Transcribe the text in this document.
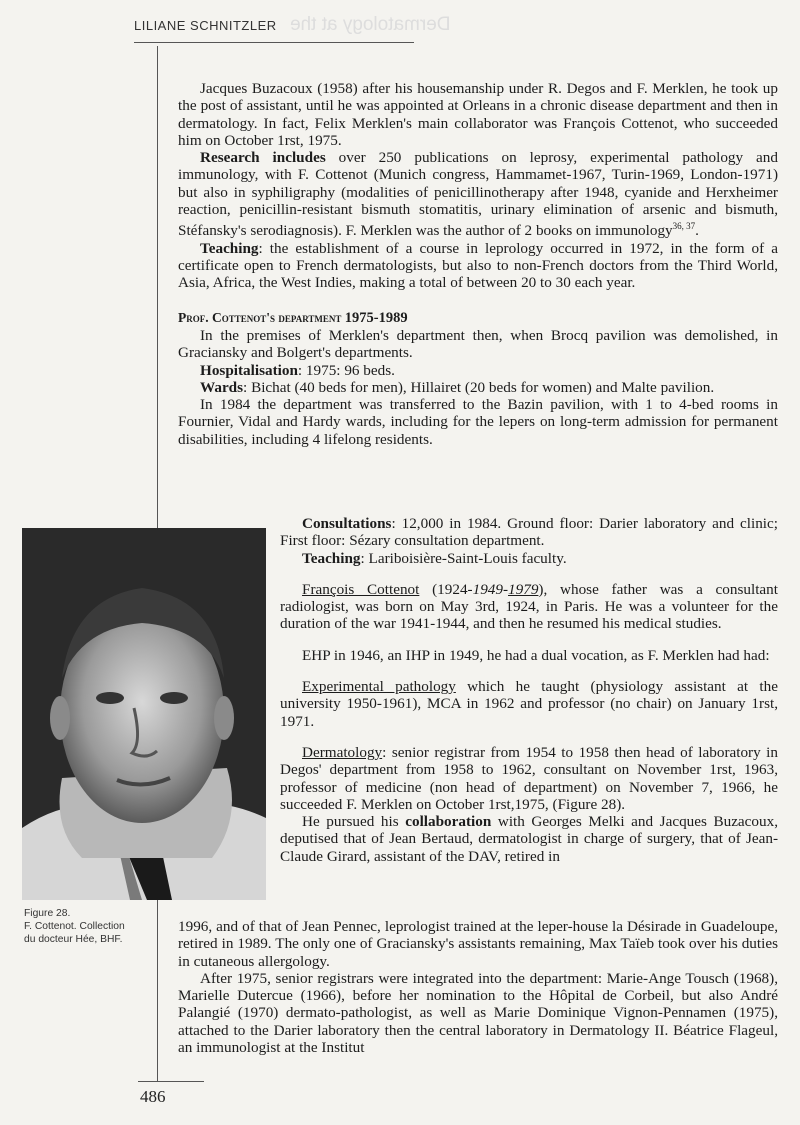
Dermatology at the
LILIANE SCHNITZLER

Jacques Buzacoux (1958) after his housemanship under R. Degos and F. Merklen, he took up the post of assistant, until he was appointed at Orleans in a chronic disease department and then in dermatology. In fact, Felix Merklen's main collaborator was François Cottenot, who succeeded him on October 1rst, 1975.

Research includes over 250 publications on leprosy, experimental pathology and immunology, with F. Cottenot (Munich congress, Hammamet-1967, Turin-1969, London-1971) but also in syphiligraphy (modalities of penicillinotherapy after 1948, cyanide and Herxheimer reaction, penicillin-resistant bismuth stomatitis, urinary elimination of arsenic and bismuth, Stéfansky's serodiagnosis). F. Merklen was the author of 2 books on immunology$^{36, 37}$.

Teaching: the establishment of a course in leprology occurred in 1972, in the form of a certificate open to French dermatologists, but also to non-French doctors from the Third World, Asia, Africa, the West Indies, making a total of between 20 to 30 each year.

Prof. Cottenot's department 1975-1989

In the premises of Merklen's department then, when Brocq pavilion was demolished, in Graciansky and Bolgert's departments.

Hospitalisation: 1975: 96 beds.

Wards: Bichat (40 beds for men), Hillairet (20 beds for women) and Malte pavilion.

In 1984 the department was transferred to the Bazin pavilion, with 1 to 4-bed rooms in Fournier, Vidal and Hardy wards, including for the lepers on long-term admission for permanent disabilities, including 4 lifelong residents.

Figure 28.
F. Cottenot. Collection du docteur Hée, BHF.

Consultations: 12,000 in 1984. Ground floor: Darier laboratory and clinic; First floor: Sézary consultation department.

Teaching: Lariboisière-Saint-Louis faculty.

François Cottenot (1924-1949-1979), whose father was a consultant radiologist, was born on May 3rd, 1924, in Paris. He was a volunteer for the duration of the war 1941-1944, and then he resumed his medical studies.

EHP in 1946, an IHP in 1949, he had a dual vocation, as F. Merklen had had:

Experimental pathology which he taught (physiology assistant at the university 1950-1961), MCA in 1962 and professor (no chair) on January 1rst, 1971.

Dermatology: senior registrar from 1954 to 1958 then head of laboratory in Degos' department from 1958 to 1962, consultant on November 1rst, 1963, professor of medicine (non head of department) on November 7, 1966, he succeeded F. Merklen on October 1rst,1975, (Figure 28).

He pursued his collaboration with Georges Melki and Jacques Buzacoux, deputised that of Jean Bertaud, dermatologist in charge of surgery, that of Jean-Claude Girard, assistant of the DAV, retired in

1996, and of that of Jean Pennec, leprologist trained at the leper-house la Désirade in Guadeloupe, retired in 1989. The only one of Graciansky's assistants remaining, Max Taïeb took over his duties in cutaneous allergology.

After 1975, senior registrars were integrated into the department: Marie-Ange Tousch (1968), Marielle Dutercue (1966), before her nomination to the Hôpital de Corbeil, but also André Palangié (1970) dermato-pathologist, as well as Marie Dominique Vignon-Pennamen (1975), attached to the Darier laboratory then the central laboratory in Dermatology II. Béatrice Flageul, an immunologist at the Institut

486
